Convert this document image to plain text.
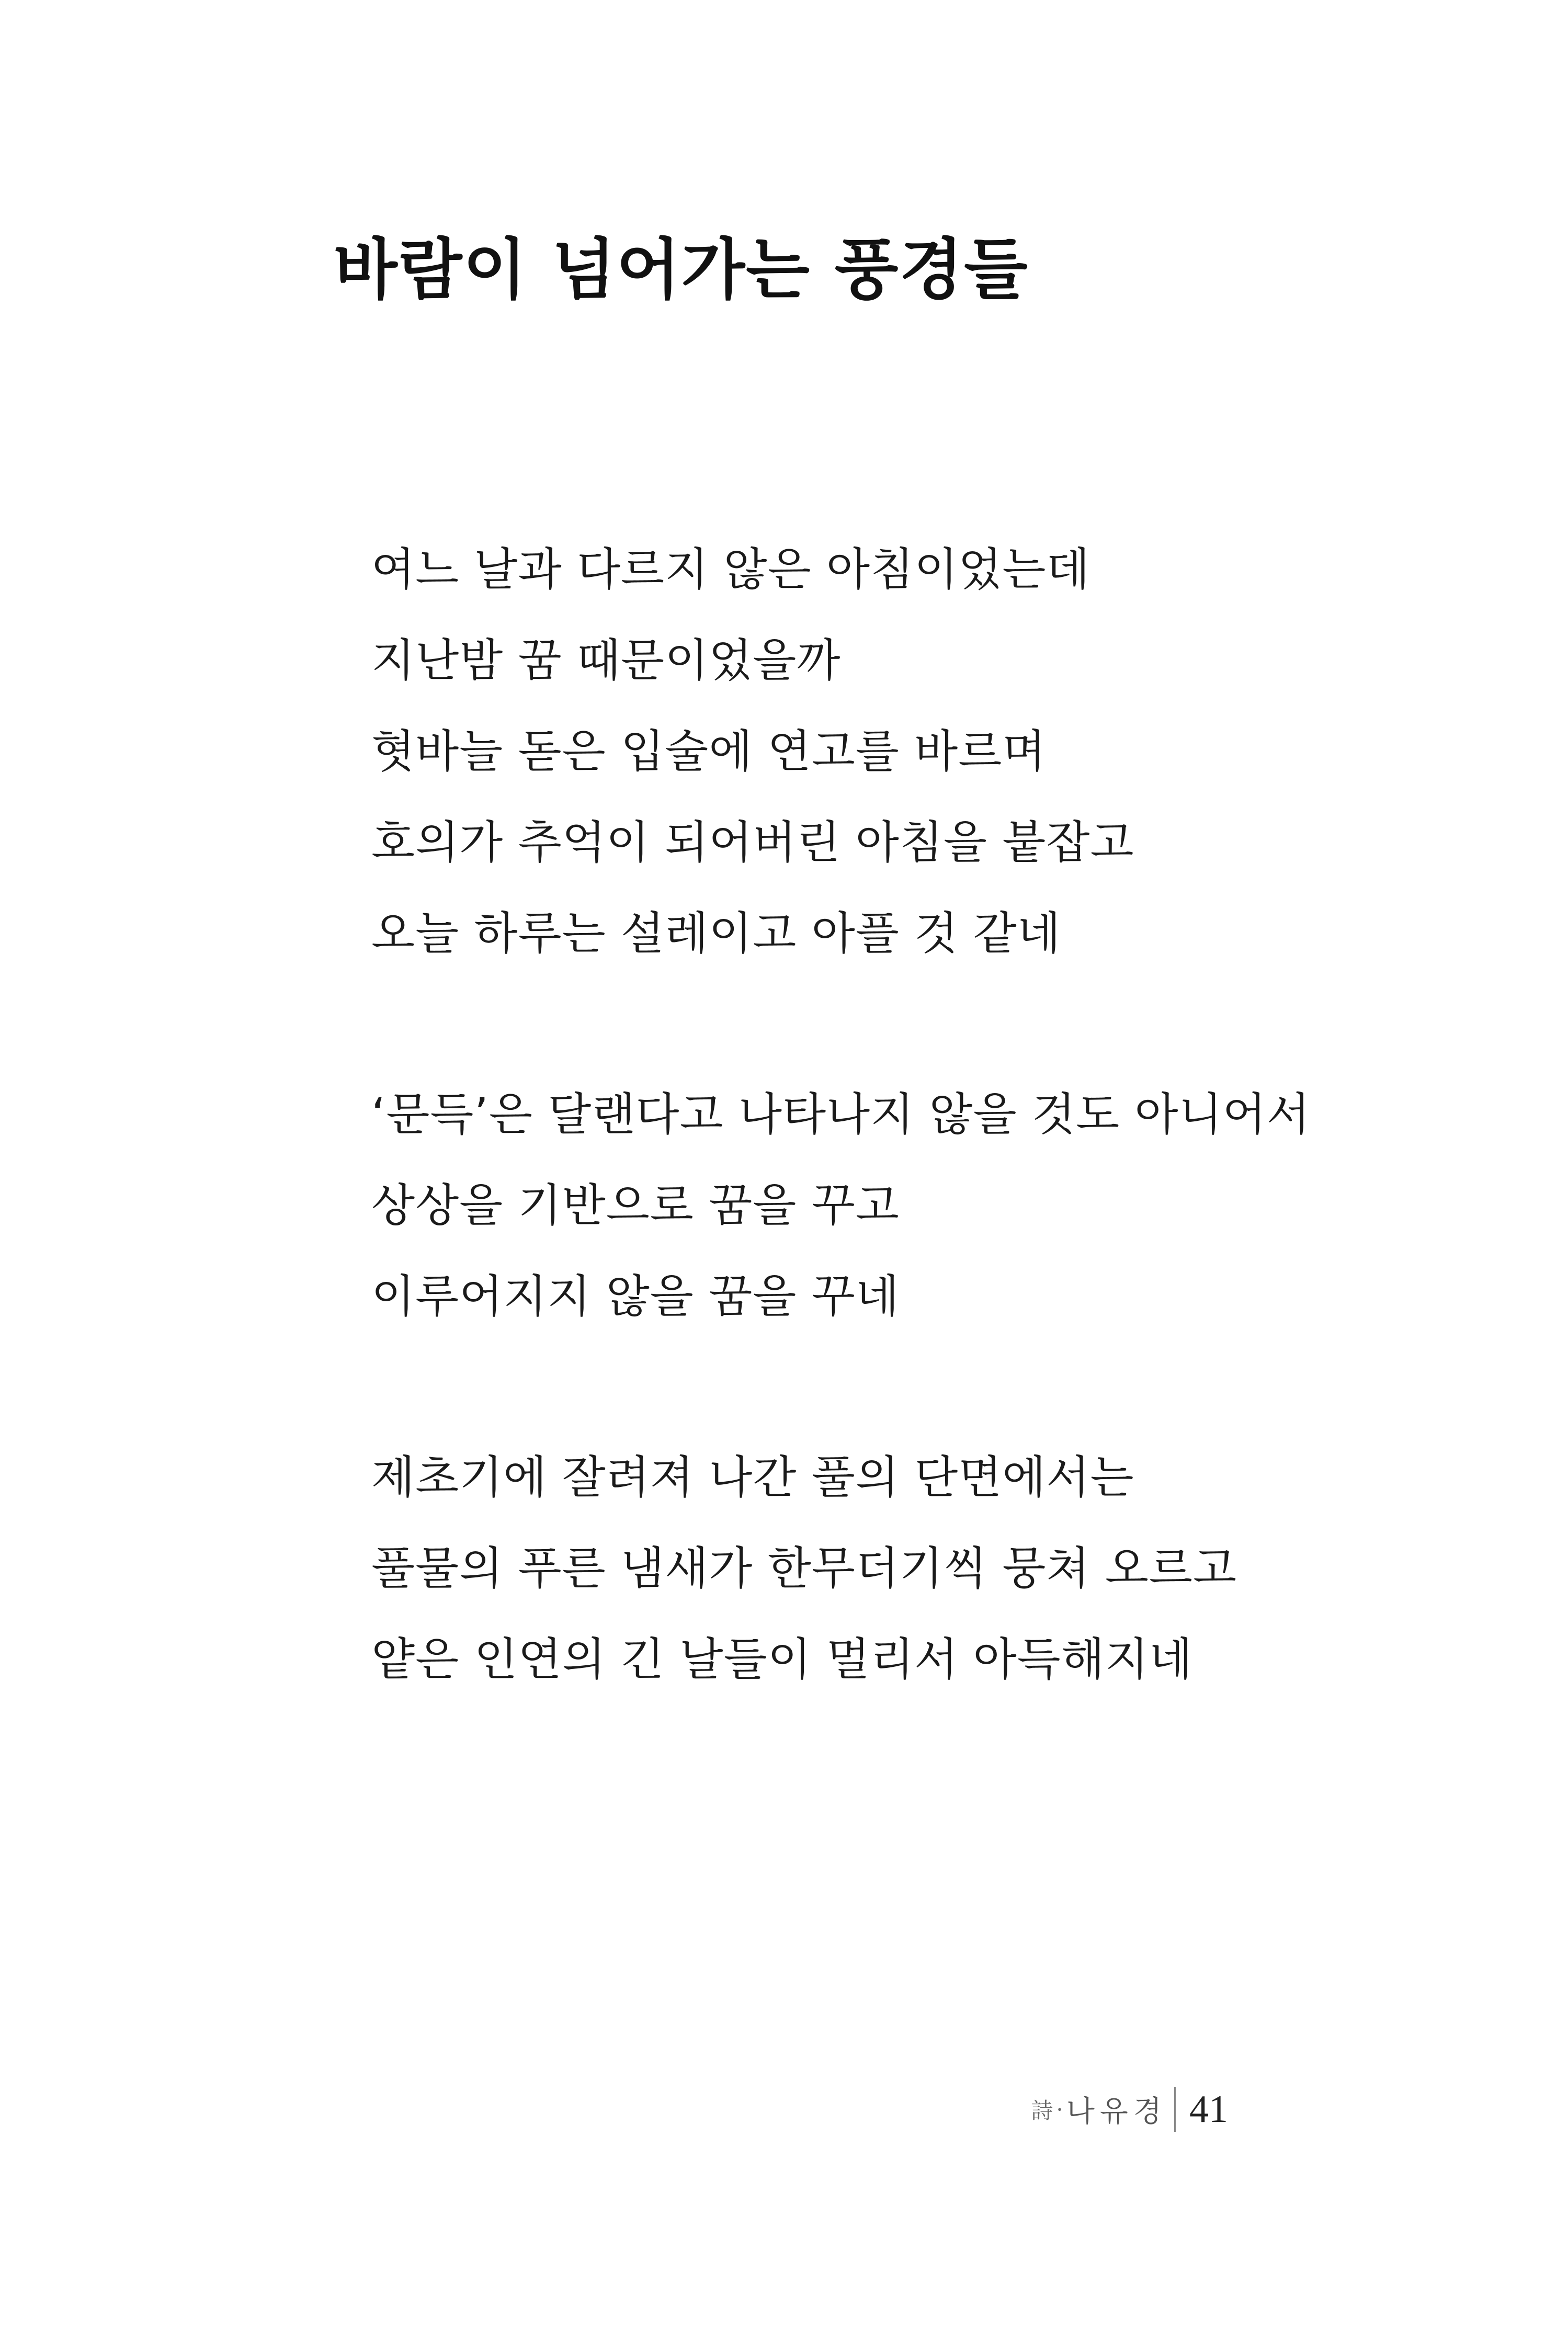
바람이 넘어가는 풍경들
여느 날과 다르지 않은 아침이었는데
지난밤 꿈 때문이었을까
혓바늘 돋은 입술에 연고를 바르며
호의가 추억이 되어버린 아침을 붙잡고
오늘 하루는 설레이고 아플 것 같네
‘문득’은 달랜다고 나타나지 않을 것도 아니어서
상상을 기반으로 꿈을 꾸고
이루어지지 않을 꿈을 꾸네
제초기에 잘려져 나간 풀의 단면에서는
풀물의 푸른 냄새가 한무더기씩 뭉쳐 오르고
얕은 인연의 긴 날들이 멀리서 아득해지네
詩 · 나유경 41
